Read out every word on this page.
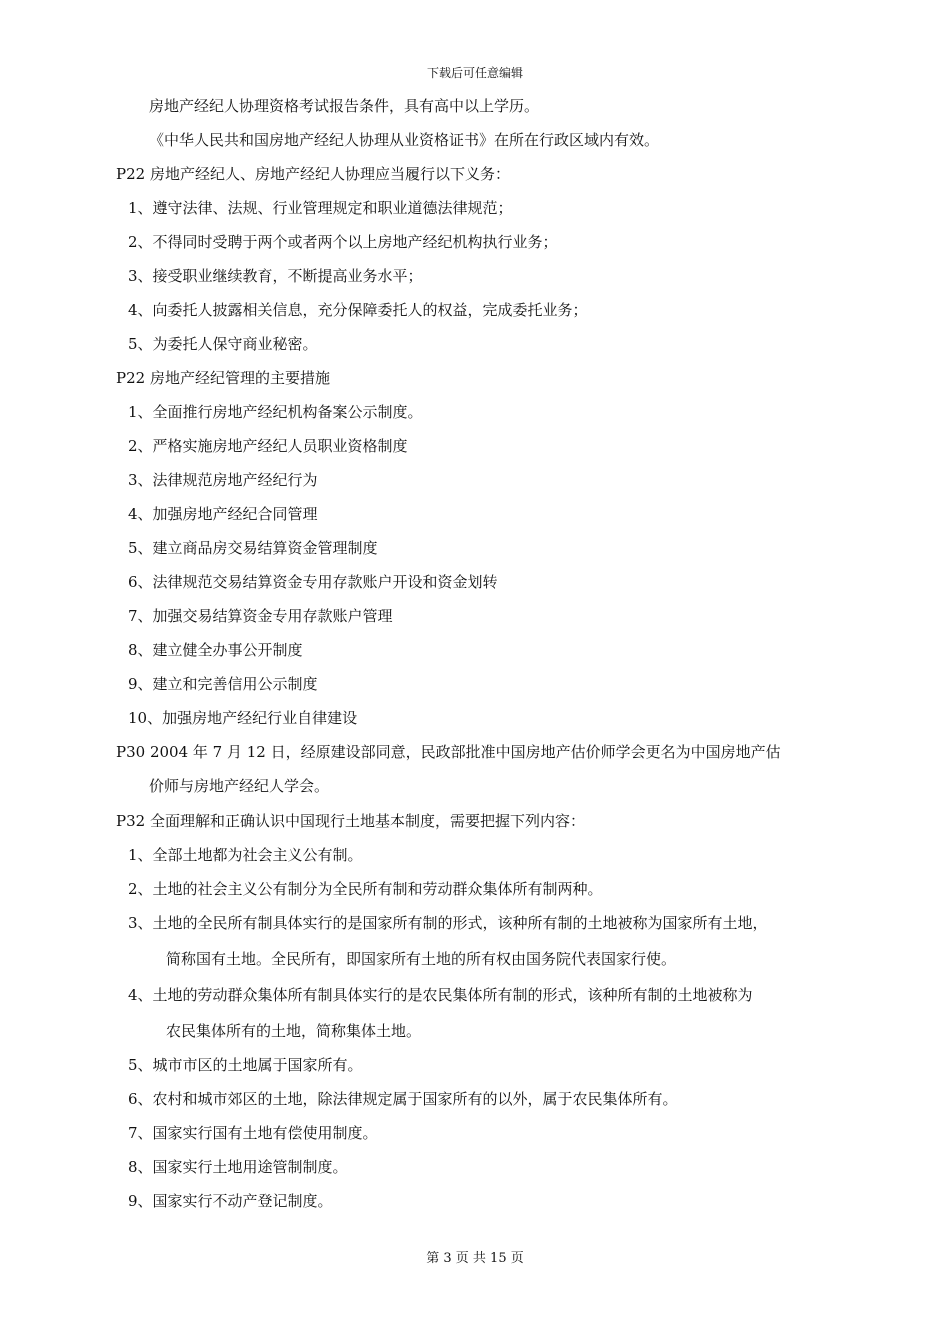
下载后可任意编辑
房地产经纪人协理资格考试报告条件，具有高中以上学历。
《中华人民共和国房地产经纪人协理从业资格证书》在所在行政区域内有效。
P22 房地产经纪人、房地产经纪人协理应当履行以下义务：
1、遵守法律、法规、行业管理规定和职业道德法律规范；
2、不得同时受聘于两个或者两个以上房地产经纪机构执行业务；
3、接受职业继续教育，不断提高业务水平；
4、向委托人披露相关信息，充分保障委托人的权益，完成委托业务；
5、为委托人保守商业秘密。
P22 房地产经纪管理的主要措施
1、全面推行房地产经纪机构备案公示制度。
2、严格实施房地产经纪人员职业资格制度
3、法律规范房地产经纪行为
4、加强房地产经纪合同管理
5、建立商品房交易结算资金管理制度
6、法律规范交易结算资金专用存款账户开设和资金划转
7、加强交易结算资金专用存款账户管理
8、建立健全办事公开制度
9、建立和完善信用公示制度
10、加强房地产经纪行业自律建设
P30 2004 年 7 月 12 日，经原建设部同意，民政部批准中国房地产估价师学会更名为中国房地产估
价师与房地产经纪人学会。
P32 全面理解和正确认识中国现行土地基本制度，需要把握下列内容：
1、全部土地都为社会主义公有制。
2、土地的社会主义公有制分为全民所有制和劳动群众集体所有制两种。
3、土地的全民所有制具体实行的是国家所有制的形式，该种所有制的土地被称为国家所有土地，
简称国有土地。全民所有，即国家所有土地的所有权由国务院代表国家行使。
4、土地的劳动群众集体所有制具体实行的是农民集体所有制的形式，该种所有制的土地被称为
农民集体所有的土地，简称集体土地。
5、城市市区的土地属于国家所有。
6、农村和城市郊区的土地，除法律规定属于国家所有的以外，属于农民集体所有。
7、国家实行国有土地有偿使用制度。
8、国家实行土地用途管制制度。
9、国家实行不动产登记制度。
第 3 页 共 15 页
